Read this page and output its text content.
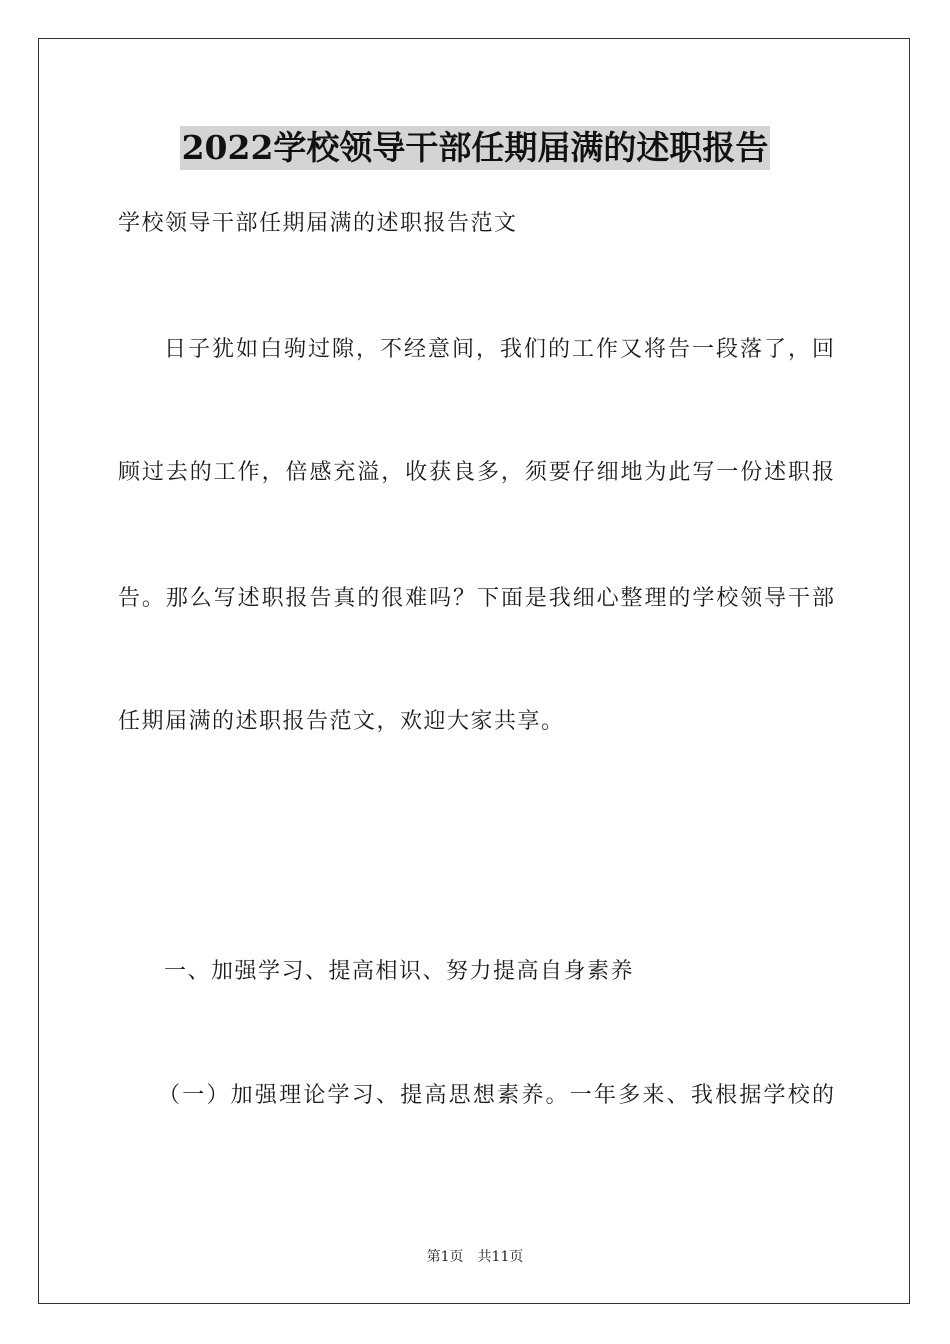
2022学校领导干部任期届满的述职报告
学校领导干部任期届满的述职报告范文
日子犹如白驹过隙，不经意间，我们的工作又将告一段落了，回
顾过去的工作，倍感充溢，收获良多，须要仔细地为此写一份述职报
告。那么写述职报告真的很难吗？下面是我细心整理的学校领导干部
任期届满的述职报告范文，欢迎大家共享。
一、加强学习、提高相识、努力提高自身素养
（一）加强理论学习、提高思想素养。一年多来、我根据学校的
第1页 共11页
